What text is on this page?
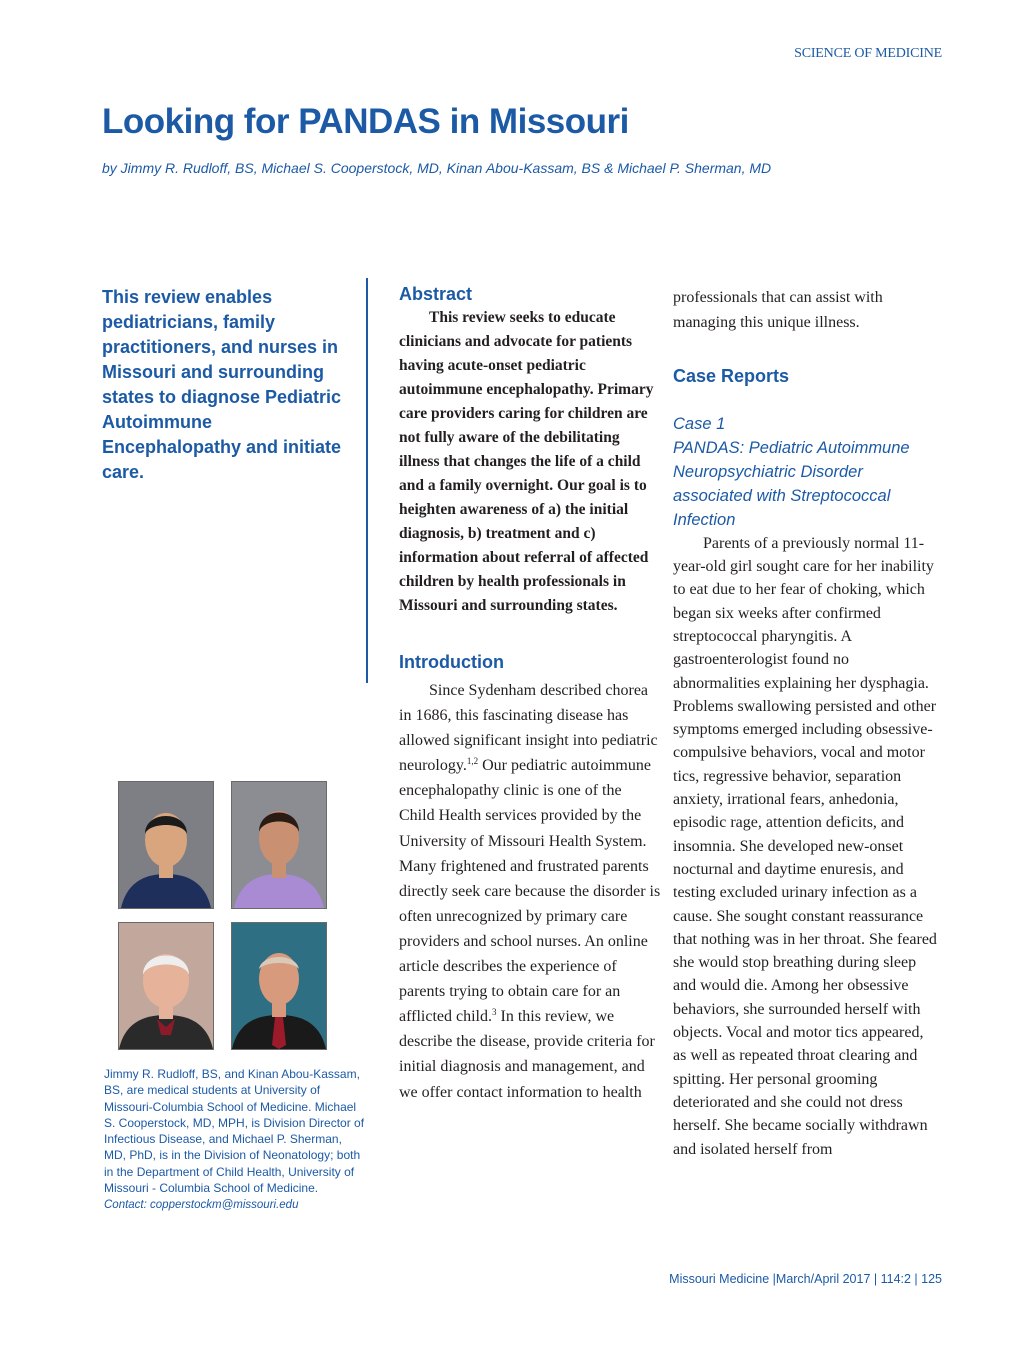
SCIENCE OF MEDICINE
Looking for PANDAS in Missouri
by Jimmy R. Rudloff, BS, Michael S. Cooperstock, MD, Kinan Abou-Kassam, BS & Michael P. Sherman, MD
This review enables pediatricians, family practitioners, and nurses in Missouri and surrounding states to diagnose Pediatric Autoimmune Encephalopathy and initiate care.
Abstract

This review seeks to educate clinicians and advocate for patients having acute-onset pediatric autoimmune encephalopathy. Primary care providers caring for children are not fully aware of the debilitating illness that changes the life of a child and a family overnight. Our goal is to heighten awareness of a) the initial diagnosis, b) treatment and c) information about referral of affected children by health professionals in Missouri and surrounding states.

Introduction

Since Sydenham described chorea in 1686, this fascinating disease has allowed significant insight into pediatric neurology.$^{1,2}$ Our pediatric autoimmune encephalopathy clinic is one of the Child Health services provided by the University of Missouri Health System. Many frightened and frustrated parents directly seek care because the disorder is often unrecognized by primary care providers and school nurses. An online article describes the experience of parents trying to obtain care for an afflicted child.$^3$ In this review, we describe the disease, provide criteria for initial diagnosis and management, and we offer contact information to health

professionals that can assist with managing this unique illness.

Case Reports
Case 1
PANDAS: Pediatric Autoimmune Neuropsychiatric Disorder associated with Streptococcal Infection

Parents of a previously normal 11-year-old girl sought care for her inability to eat due to her fear of choking, which began six weeks after confirmed streptococcal pharyngitis. A gastroenterologist found no abnormalities explaining her dysphagia. Problems swallowing persisted and other symptoms emerged including obsessive-compulsive behaviors, vocal and motor tics, regressive behavior, separation anxiety, irrational fears, anhedonia, episodic rage, attention deficits, and insomnia. She developed new-onset nocturnal and daytime enuresis, and testing excluded urinary infection as a cause. She sought constant reassurance that nothing was in her throat. She feared she would stop breathing during sleep and would die. Among her obsessive behaviors, she surrounded herself with objects. Vocal and motor tics appeared, as well as repeated throat clearing and spitting. Her personal grooming deteriorated and she could not dress herself. She became socially withdrawn and isolated herself from

Jimmy R. Rudloff, BS, and Kinan Abou-Kassam, BS, are medical students at University of Missouri-Columbia School of Medicine. Michael S. Cooperstock, MD, MPH, is Division Director of Infectious Disease, and Michael P. Sherman, MD, PhD, is in the Division of Neonatology; both in the Department of Child Health, University of Missouri - Columbia School of Medicine.
Contact: copperstockm@missouri.edu

Missouri Medicine |March/April 2017 | 114:2 | 125
